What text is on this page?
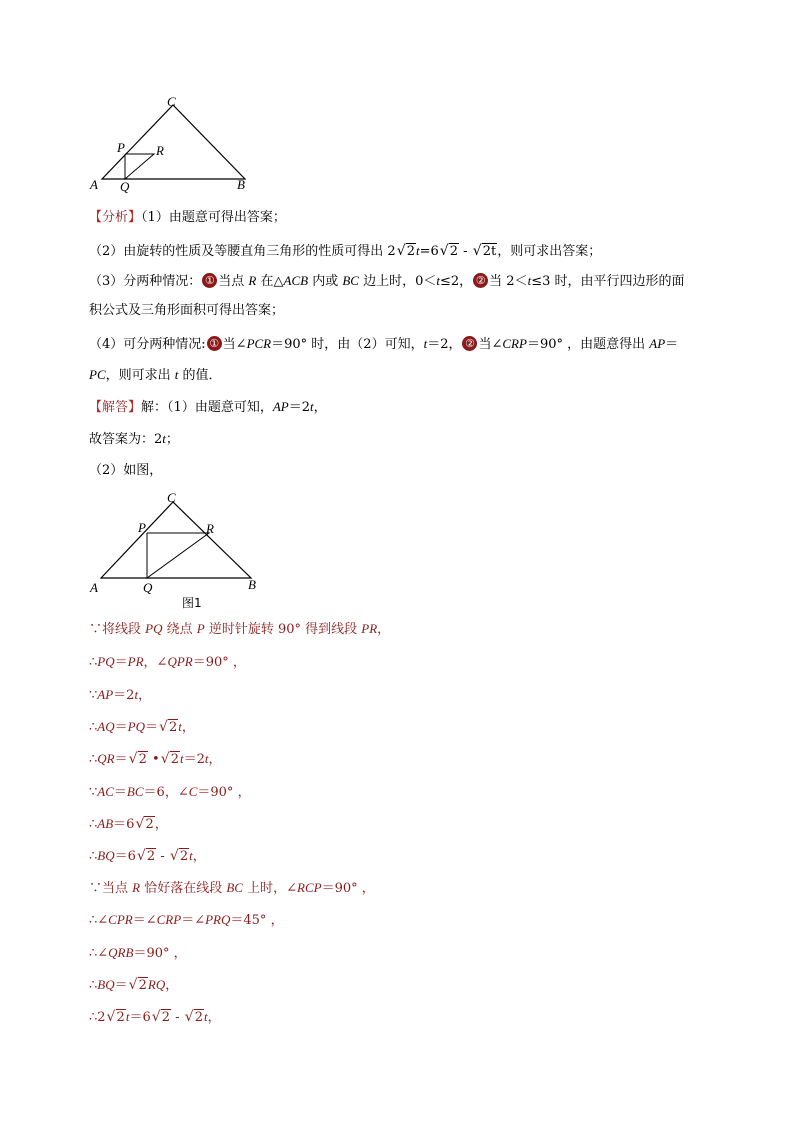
C
P R
A Q	B
【分析】（1）由题意可得出答案；
（2）由旋转的性质及等腰直角三角形的性质可得出 2 √ 2t=6 √ 2 - √ 2t，则可求出答案；
（3）分两种情况： ① 当点 R 在△ACB 内或 BC 边上时，0＜t≤2， ② 当 2＜t≤3 时，由平行四边形的面
积公式及三角形面积可得出答案；
（4）可分两种情况: ① 当∠PCR＝90° 时，由（2）可知，t＝2， ② 当∠CRP＝90° ，由题意得出 AP＝
PC，则可求出 t 的值．
【解答】解：（1）由题意可知，AP＝2t，
故答案为：2t；
（2）如图，
C
P	R
A	Q	B
图1
∵将线段 PQ 绕点 P 逆时针旋转 90° 得到线段 PR，
∴PQ＝PR，∠QPR＝90° ，
∵AP＝2t，
∴AQ＝PQ＝ √ 2t，
∴QR＝ √ 2 • √ 2t＝2t，
∵AC＝BC＝6，∠C＝90° ，
∴AB＝6 √ 2，
∴BQ＝6 √ 2 - √ 2t，
∵当点 R 恰好落在线段 BC 上时，∠RCP＝90° ，
∴∠CPR＝∠CRP＝∠PRQ＝45° ，
∴∠QRB＝90° ，
∴BQ＝ √ 2RQ，
∴2 √ 2t＝6 √ 2 - √ 2t，
